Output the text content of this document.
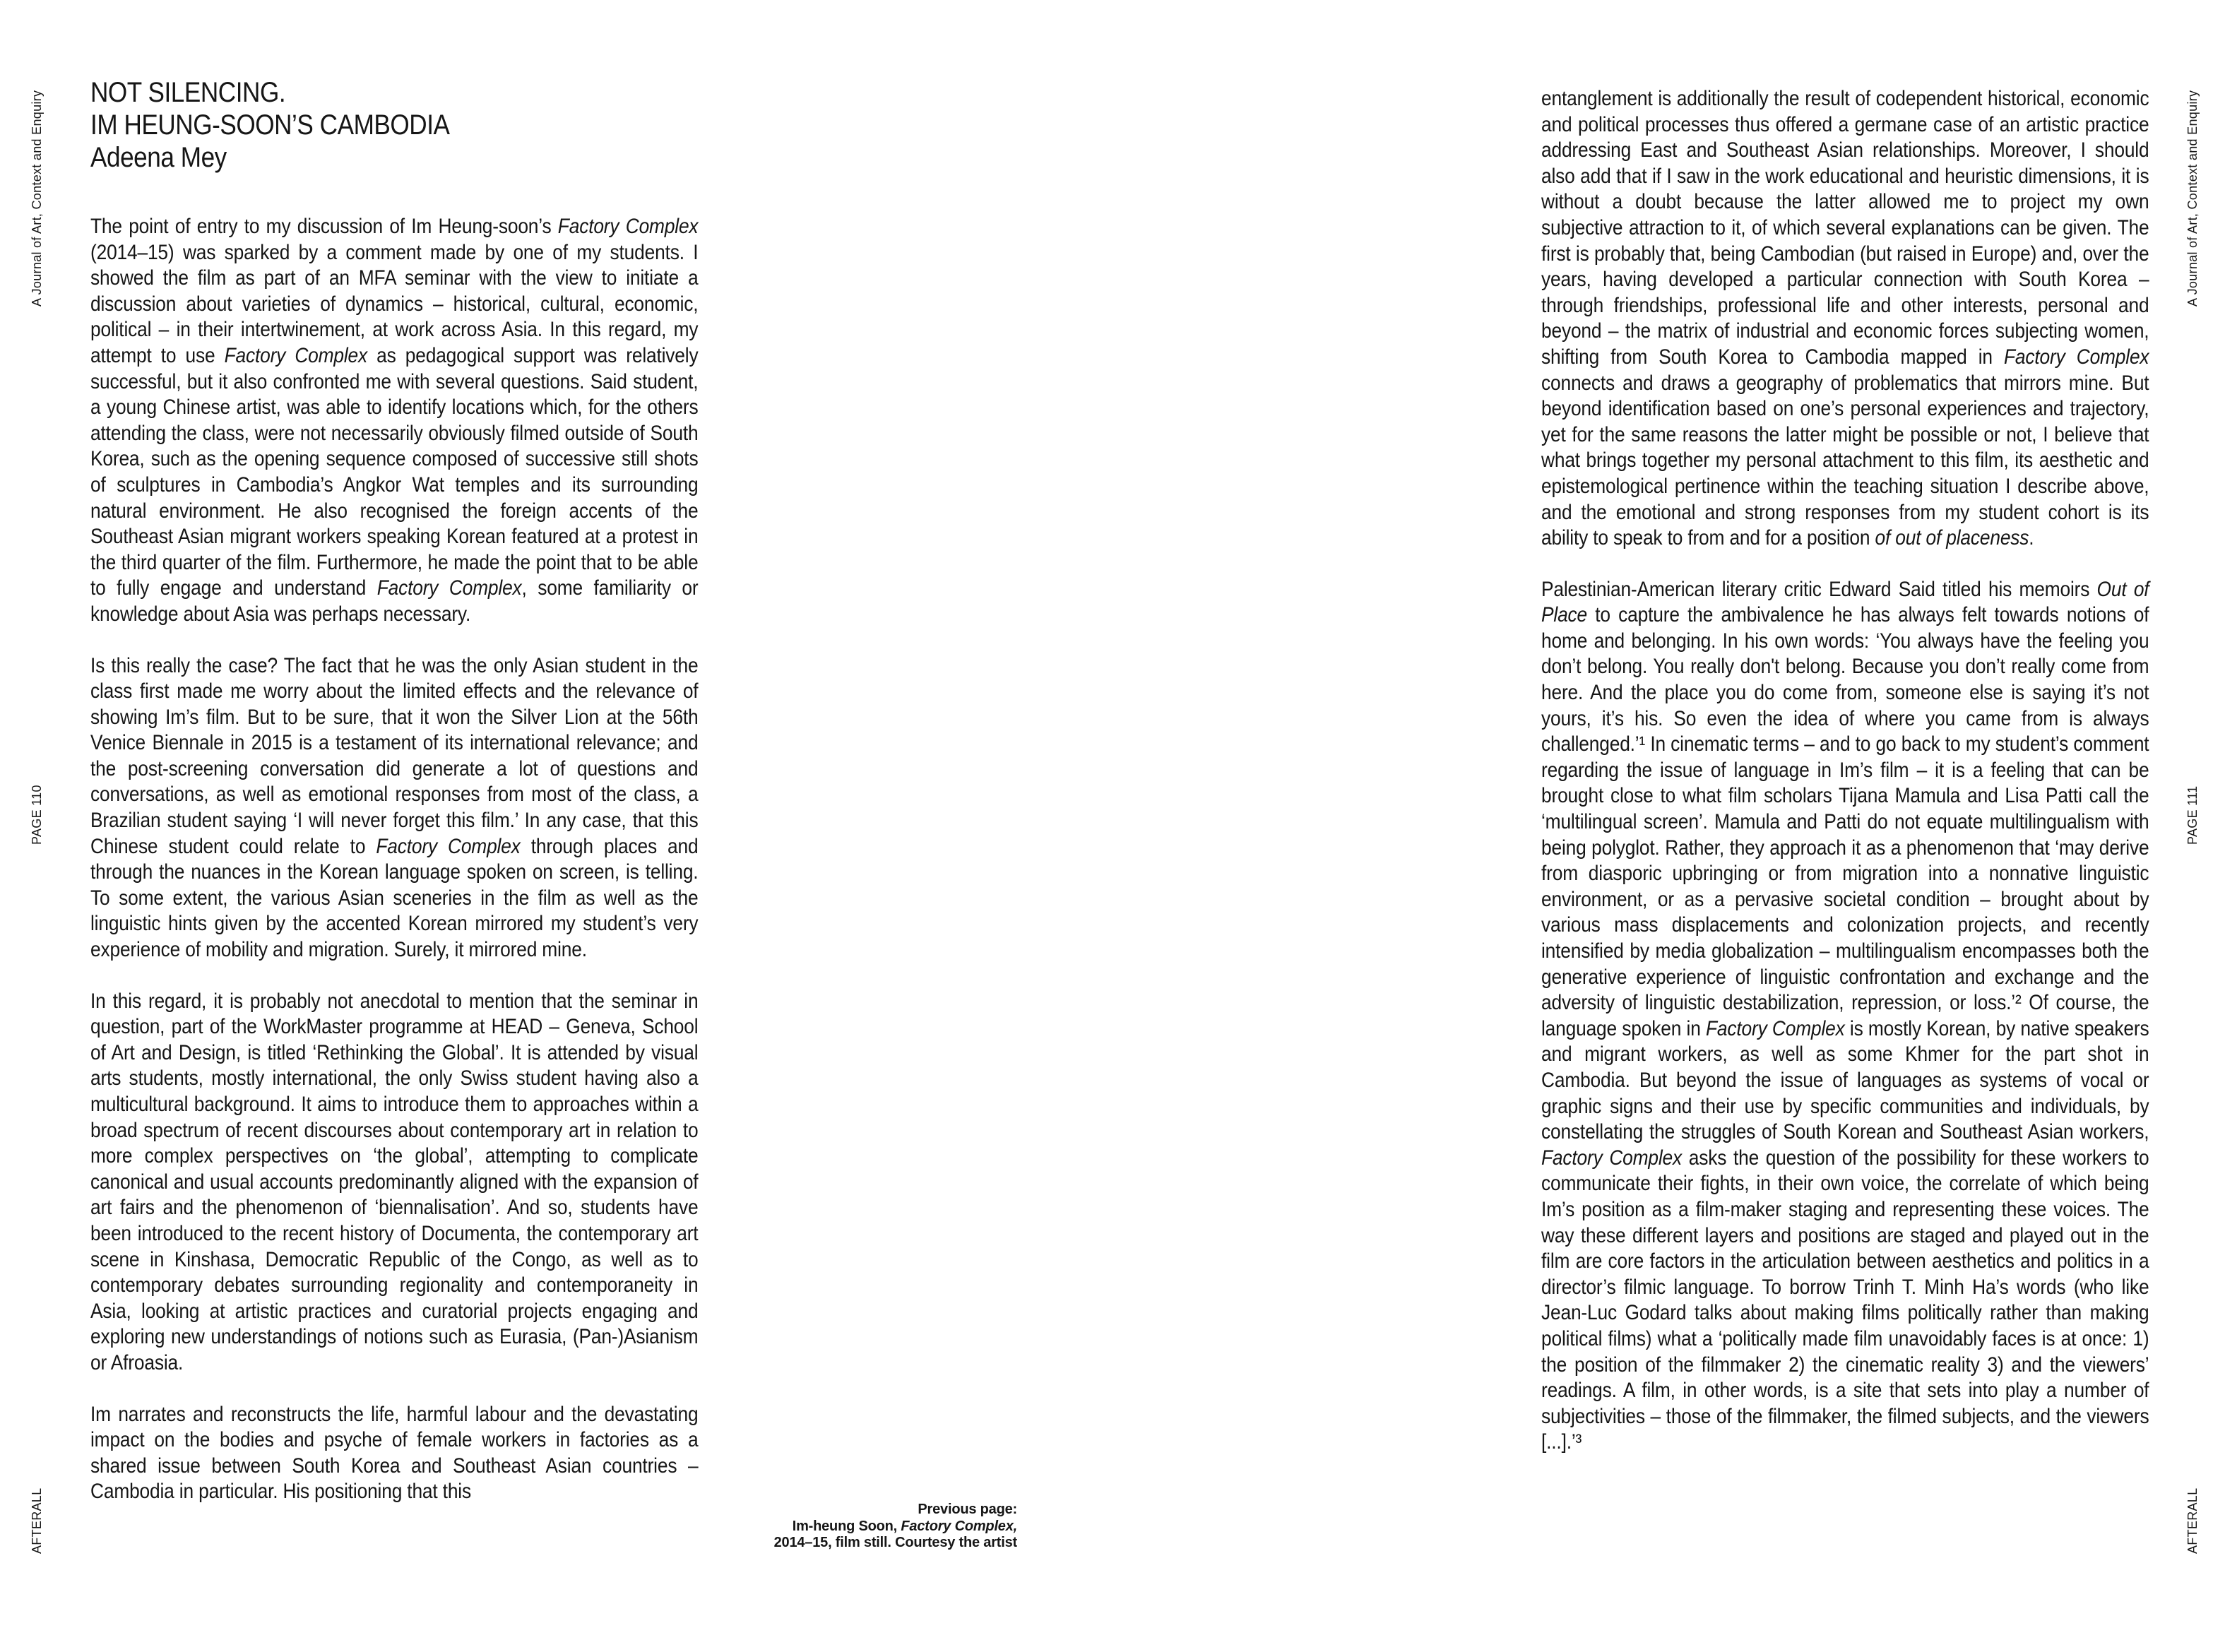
A Journal of Art, Context and Enquiry
PAGE 110
AFTERALL
A Journal of Art, Context and Enquiry
PAGE 111
AFTERALL
NOT SILENCING.
IM HEUNG-SOON’S CAMBODIA
Adeena Mey

The point of entry to my discussion of Im Heung-soon’s Factory Complex (2014–15) was sparked by a comment made by one of my students. I showed the film as part of an MFA seminar with the view to initiate a discussion about varieties of dynamics – historical, cultural, economic, political – in their intertwinement, at work across Asia. In this regard, my attempt to use Factory Complex as pedagogical support was relatively successful, but it also confronted me with several questions. Said student, a young Chinese artist, was able to identify locations which, for the others attending the class, were not necessarily obviously filmed outside of South Korea, such as the opening sequence composed of successive still shots of sculptures in Cambodia’s Angkor Wat temples and its surrounding natural environment. He also recognised the foreign accents of the Southeast Asian migrant workers speaking Korean featured at a protest in the third quarter of the film. Furthermore, he made the point that to be able to fully engage and understand Factory Complex, some familiarity or knowledge about Asia was perhaps necessary.

Is this really the case? The fact that he was the only Asian student in the class first made me worry about the limited effects and the relevance of showing Im’s film. But to be sure, that it won the Silver Lion at the 56th Venice Biennale in 2015 is a testament of its international relevance; and the post-screening conversation did generate a lot of questions and conversations, as well as emotional responses from most of the class, a Brazilian student saying ‘I will never forget this film.’ In any case, that this Chinese student could relate to Factory Complex through places and through the nuances in the Korean language spoken on screen, is telling. To some extent, the various Asian sceneries in the film as well as the linguistic hints given by the accented Korean mirrored my student’s very experience of mobility and migration. Surely, it mirrored mine.

In this regard, it is probably not anecdotal to mention that the seminar in question, part of the WorkMaster programme at HEAD – Geneva, School of Art and Design, is titled ‘Rethinking the Global’. It is attended by visual arts students, mostly international, the only Swiss student having also a multicultural background. It aims to introduce them to approaches within a broad spectrum of recent discourses about contemporary art in relation to more complex perspectives on ‘the global’, attempting to complicate canonical and usual accounts predominantly aligned with the expansion of art fairs and the phenomenon of ‘biennalisation’. And so, students have been introduced to the recent history of Documenta, the contemporary art scene in Kinshasa, Democratic Republic of the Congo, as well as to contemporary debates surrounding regionality and contemporaneity in Asia, looking at artistic practices and curatorial projects engaging and exploring new understandings of notions such as Eurasia, (Pan-)Asianism or Afroasia.

Im narrates and reconstructs the life, harmful labour and the devastating impact on the bodies and psyche of female workers in factories as a shared issue between South Korea and Southeast Asian countries – Cambodia in particular. His positioning that this

entanglement is additionally the result of codependent historical, economic and political processes thus offered a germane case of an artistic practice addressing East and Southeast Asian relationships. Moreover, I should also add that if I saw in the work educational and heuristic dimensions, it is without a doubt because the latter allowed me to project my own subjective attraction to it, of which several explanations can be given. The first is probably that, being Cambodian (but raised in Europe) and, over the years, having developed a particular connection with South Korea – through friendships, professional life and other interests, personal and beyond – the matrix of industrial and economic forces subjecting women, shifting from South Korea to Cambodia mapped in Factory Complex connects and draws a geography of problematics that mirrors mine. But beyond identification based on one’s personal experiences and trajectory, yet for the same reasons the latter might be possible or not, I believe that what brings together my personal attachment to this film, its aesthetic and epistemological pertinence within the teaching situation I describe above, and the emotional and strong responses from my student cohort is its ability to speak to from and for a position of out of placeness.

Palestinian-American literary critic Edward Said titled his memoirs Out of Place to capture the ambivalence he has always felt towards notions of home and belonging. In his own words: ‘You always have the feeling you don’t belong. You really don't belong. Because you don’t really come from here. And the place you do come from, someone else is saying it’s not yours, it’s his. So even the idea of where you came from is always challenged.’¹ In cinematic terms – and to go back to my student’s comment regarding the issue of language in Im’s film – it is a feeling that can be brought close to what film scholars Tijana Mamula and Lisa Patti call the ‘multilingual screen’. Mamula and Patti do not equate multilingualism with being polyglot. Rather, they approach it as a phenomenon that ‘may derive from diasporic upbringing or from migration into a nonnative linguistic environment, or as a pervasive societal condition – brought about by various mass displacements and colonization projects, and recently intensified by media globalization – multilingualism encompasses both the generative experience of linguistic confrontation and exchange and the adversity of linguistic destabilization, repression, or loss.’² Of course, the language spoken in Factory Complex is mostly Korean, by native speakers and migrant workers, as well as some Khmer for the part shot in Cambodia. But beyond the issue of languages as systems of vocal or graphic signs and their use by specific communities and individuals, by constellating the struggles of South Korean and Southeast Asian workers, Factory Complex asks the question of the possibility for these workers to communicate their fights, in their own voice, the correlate of which being Im’s position as a film-maker staging and representing these voices. The way these different layers and positions are staged and played out in the film are core factors in the articulation between aesthetics and politics in a director’s filmic language. To borrow Trinh T. Minh Ha’s words (who like Jean-Luc Godard talks about making films politically rather than making political films) what a ‘politically made film unavoidably faces is at once: 1) the position of the filmmaker 2) the cinematic reality 3) and the viewers’ readings. A film, in other words, is a site that sets into play a number of subjectivities – those of the filmmaker, the filmed subjects, and the viewers [...].’³

Previous page:
Im-heung Soon, Factory Complex,
2014–15, film still. Courtesy the artist
